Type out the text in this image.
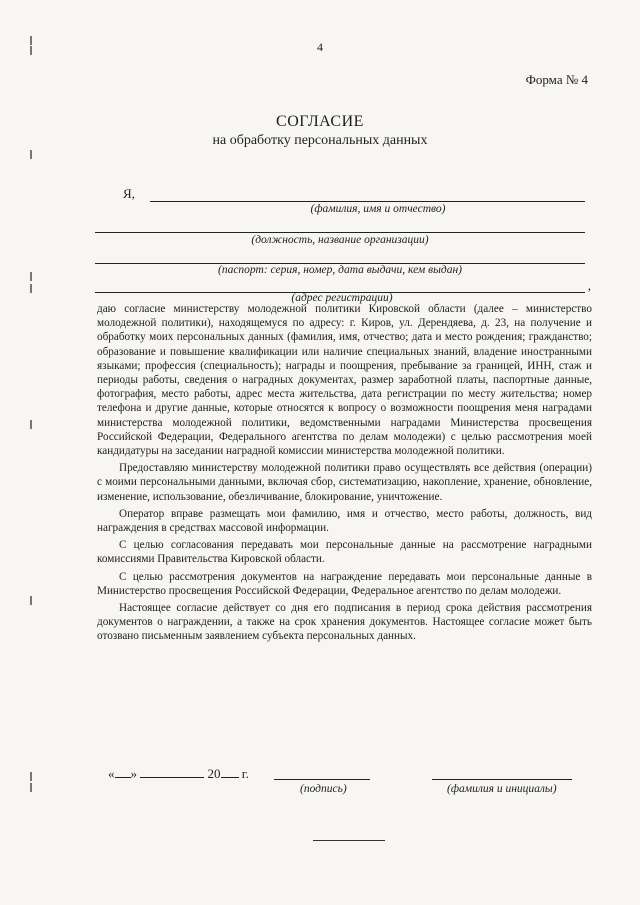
4
Форма № 4
СОГЛАСИЕ
на обработку персональных данных
Я,
(фамилия, имя и отчество)
(должность, название организации)
(паспорт: серия, номер, дата выдачи, кем выдан)
,
(адрес регистрации)

даю согласие министерству молодежной политики Кировской области (далее – министерство молодежной политики), находящемуся по адресу: г. Киров, ул. Дерендяева, д. 23, на получение и обработку моих персональных данных (фамилия, имя, отчество; дата и место рождения; гражданство; образование и повышение квалификации или наличие специальных знаний, владение иностранными языками; профессия (специальность); награды и поощрения, пребывание за границей, ИНН, стаж и периоды работы, сведения о наградных документах, размер заработной платы, паспортные данные, фотография, место работы, адрес места жительства, дата регистрации по месту жительства; номер телефона и другие данные, которые относятся к вопросу о возможности поощрения меня наградами министерства молодежной политики, ведомственными наградами Министерства просвещения Российской Федерации, Федерального агентства по делам молодежи) с целью рассмотрения моей кандидатуры на заседании наградной комиссии министерства молодежной политики.

Предоставляю министерству молодежной политики право осуществлять все действия (операции) с моими персональными данными, включая сбор, систематизацию, накопление, хранение, обновление, изменение, использование, обезличивание, блокирование, уничтожение.

Оператор вправе размещать мои фамилию, имя и отчество, место работы, должность, вид награждения в средствах массовой информации.

С целью согласования передавать мои персональные данные на рассмотрение наградными комиссиями Правительства Кировской области.

С целью рассмотрения документов на награждение передавать мои персональные данные в Министерство просвещения Российской Федерации, Федеральное агентство по делам молодежи.

Настоящее согласие действует со дня его подписания в период срока действия рассмотрения документов о награждении, а также на срок хранения документов. Настоящее согласие может быть отозвано письменным заявлением субъекта персональных данных.

« »	20 г.
(подпись)	(фамилия и инициалы)
